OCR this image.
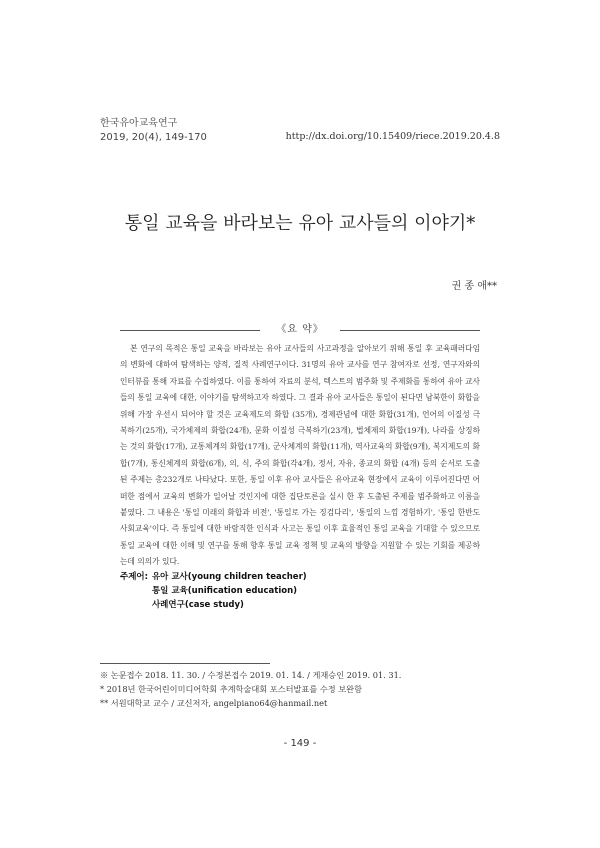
한국유아교육연구
2019, 20(4), 149-170	http://dx.doi.org/10.15409/riece.2019.20.4.8
통일 교육을 바라보는 유아 교사들의 이야기*
권 종 애**
《요 약》

본 연구의 목적은 통일 교육을 바라보는 유아 교사들의 사고과정을 알아보기 위해 통일 후 교육패러다임의 변화에 대하여 탐색하는 양적, 질적 사례연구이다. 31명의 유아 교사를 연구 참여자로 선정, 연구자와의 인터뷰를 통해 자료를 수집하였다. 이를 통하여 자료의 분석, 텍스트의 범주화 및 주제화를 통하여 유아 교사들의 통일 교육에 대한, 이야기를 탐색하고자 하였다. 그 결과 유아 교사들은 통일이 된다면 남북한이 화합을 위해 가장 우선시 되어야 할 것은 교육제도의 화합 (35개), 경제관념에 대한 화합(31개), 언어의 이질성 극복하기(25개), 국가체제의 화합(24개), 문화 이질성 극복하기(23개), 법체제의 화합(19개), 나라를 상징하는 것의 화합(17개), 교통체계의 화합(17개), 군사체계의 화합(11개), 역사교육의 화합(9개), 복지제도의 화합(7개), 통신체계의 화합(6개), 의, 식, 주의 화합(각4개), 정서, 자유, 종교의 화합 (4개) 등의 순서로 도출된 주제는 총232개로 나타났다. 또한, 통일 이후 유아 교사들은 유아교육 현장에서 교육이 이루어진다면 어떠한 점에서 교육의 변화가 일어날 것인지에 대한 집단토론을 실시 한 후 도출된 주제를 범주화하고 이름을 붙였다. 그 내용은 '통일 미래의 화합과 비전', '통일로 가는 징검다리', '통일의 느낌 경험하기', '통일 한반도 사회교육'이다. 즉 통일에 대한 바람직한 인식과 사고는 통일 이후 효율적인 통일 교육을 기대할 수 있으므로 통일 교육에 대한 이해 및 연구를 통해 향후 통일 교육 정책 및 교육의 방향을 지원할 수 있는 기회를 제공하는데 의의가 있다.

주제어: 유아 교사(young children teacher)
통일 교육(unification education)
사례연구(case study)
※ 논문접수 2018. 11. 30. / 수정본접수 2019. 01. 14. / 게재승인 2019. 01. 31.
* 2018년 한국어린이미디어학회 추계학술대회 포스터발표를 수정 보완함
** 서원대학교 교수 / 교신저자, angelpiano64@hanmail.net
- 149 -
